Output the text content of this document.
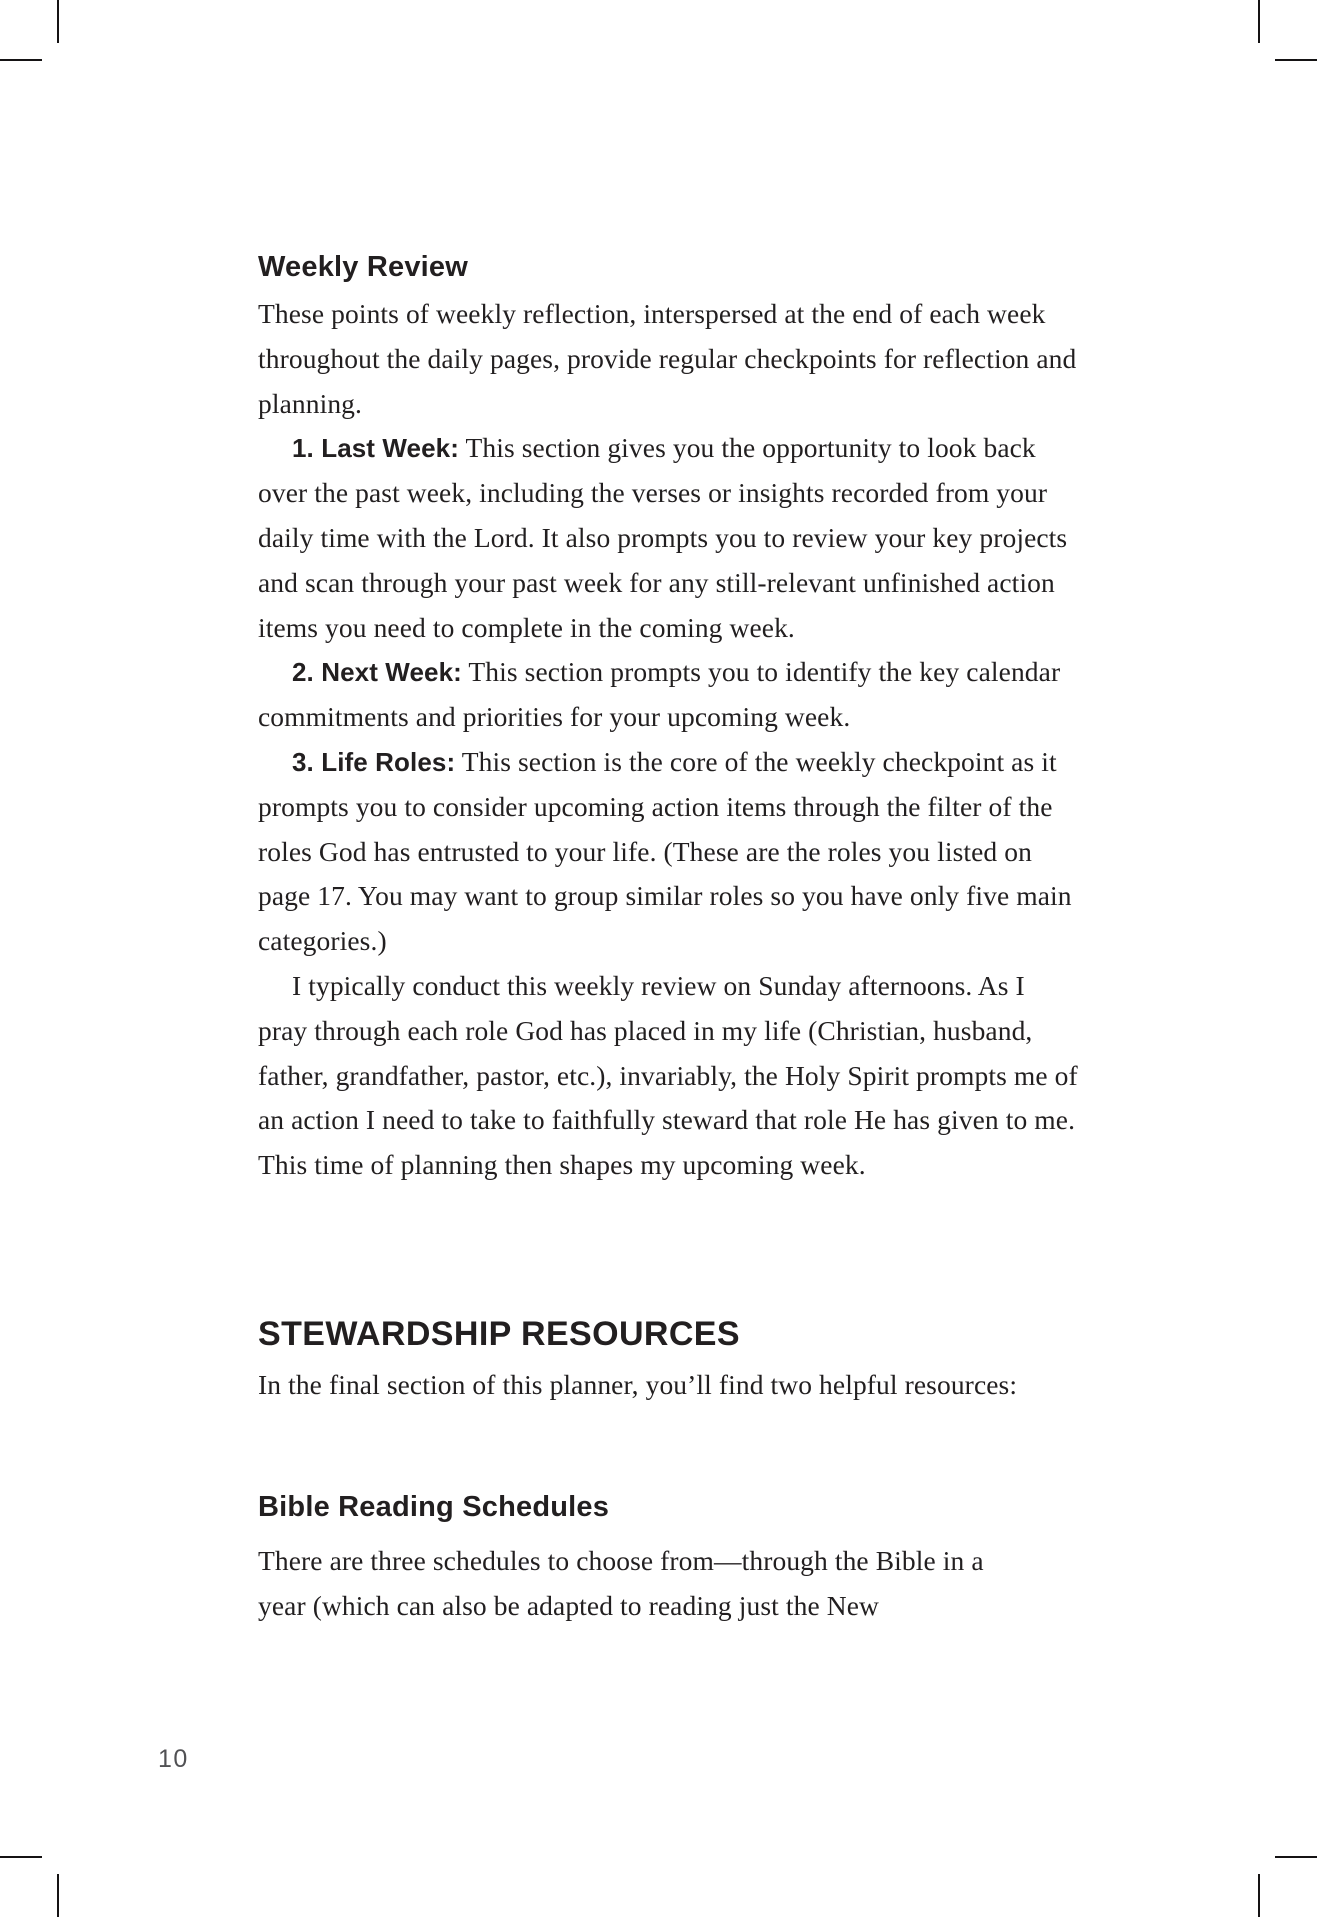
Weekly Review

These points of weekly reflection, interspersed at the end of each week throughout the daily pages, provide regular checkpoints for reflection and planning.

1. Last Week: This section gives you the opportunity to look back over the past week, including the verses or insights recorded from your daily time with the Lord. It also prompts you to review your key projects and scan through your past week for any still-relevant unfinished action items you need to complete in the coming week.

2. Next Week: This section prompts you to identify the key calendar commitments and priorities for your upcoming week.

3. Life Roles: This section is the core of the weekly checkpoint as it prompts you to consider upcoming action items through the filter of the roles God has entrusted to your life. (These are the roles you listed on page 17. You may want to group similar roles so you have only five main categories.)

I typically conduct this weekly review on Sunday afternoons. As I pray through each role God has placed in my life (Christian, husband, father, grandfather, pastor, etc.), invariably, the Holy Spirit prompts me of an action I need to take to faithfully steward that role He has given to me. This time of planning then shapes my upcoming week.

STEWARDSHIP RESOURCES

In the final section of this planner, you’ll find two helpful resources:

Bible Reading Schedules

There are three schedules to choose from—through the Bible in a year (which can also be adapted to reading just the New

10
